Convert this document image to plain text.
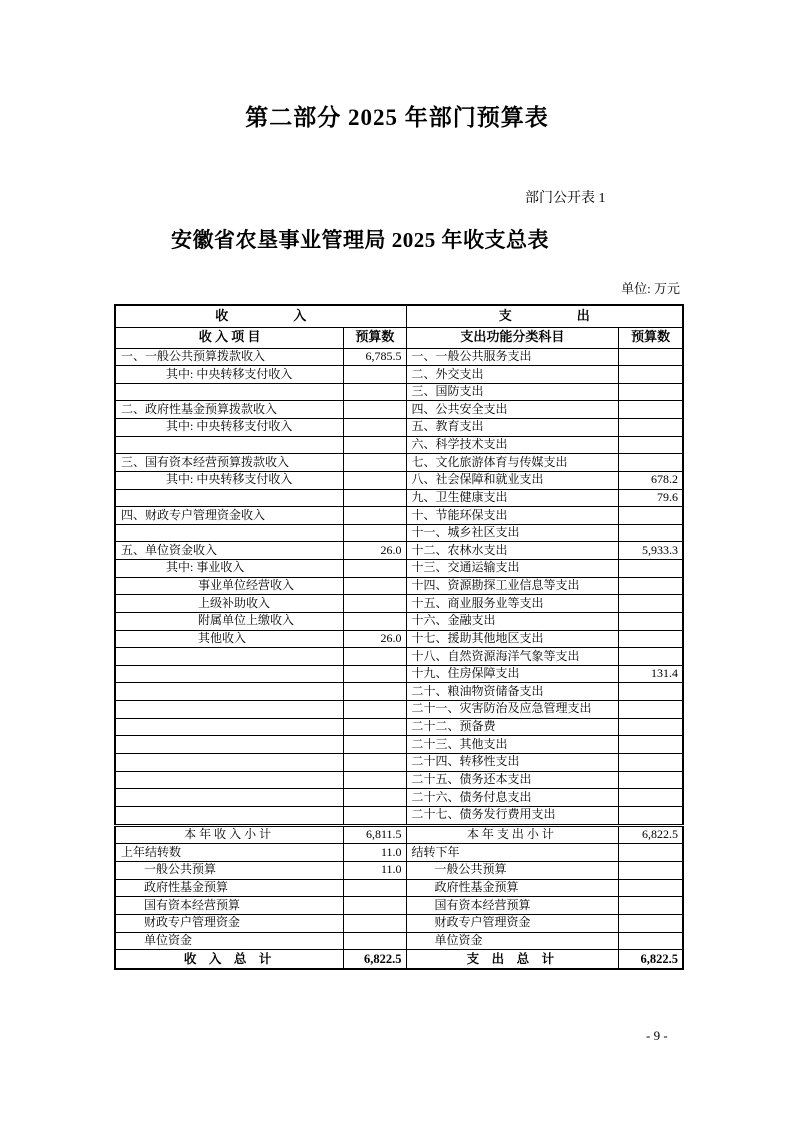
第二部分 2025 年部门预算表
部门公开表 1
安徽省农垦事业管理局 2025 年收支总表
单位: 万元
收　　　　　入		支　　　　　出	
收 入 项 目	预算数	支出功能分类科目	预算数
一、一般公共预算拨款收入	6,785.5	一、一般公共服务支出	
其中: 中央转移支付收入		二、外交支出	
		三、国防支出	
二、政府性基金预算拨款收入		四、公共安全支出	
其中: 中央转移支付收入		五、教育支出	
		六、科学技术支出	
三、国有资本经营预算拨款收入		七、文化旅游体育与传媒支出	
其中: 中央转移支付收入		八、社会保障和就业支出	678.2
		九、卫生健康支出	79.6
四、财政专户管理资金收入		十、节能环保支出	
		十一、城乡社区支出	
五、单位资金收入	26.0	十二、农林水支出	5,933.3
其中: 事业收入		十三、交通运输支出	
事业单位经营收入		十四、资源勘探工业信息等支出	
上级补助收入		十五、商业服务业等支出	
附属单位上缴收入		十六、金融支出	
其他收入	26.0	十七、援助其他地区支出	
		十八、自然资源海洋气象等支出	
		十九、住房保障支出	131.4
		二十、粮油物资储备支出	
		二十一、灾害防治及应急管理支出	
		二十二、预备费	
		二十三、其他支出	
		二十四、转移性支出	
		二十五、债务还本支出	
		二十六、债务付息支出	
		二十七、债务发行费用支出	
本 年 收 入 小 计	6,811.5	本 年 支 出 小 计	6,822.5
上年结转数	11.0	结转下年	
一般公共预算	11.0	一般公共预算	
政府性基金预算		政府性基金预算	
国有资本经营预算		国有资本经营预算	
财政专户管理资金		财政专户管理资金	
单位资金		单位资金	
收　入　总　计	6,822.5	支　出　总　计	6,822.5
- 9 -
